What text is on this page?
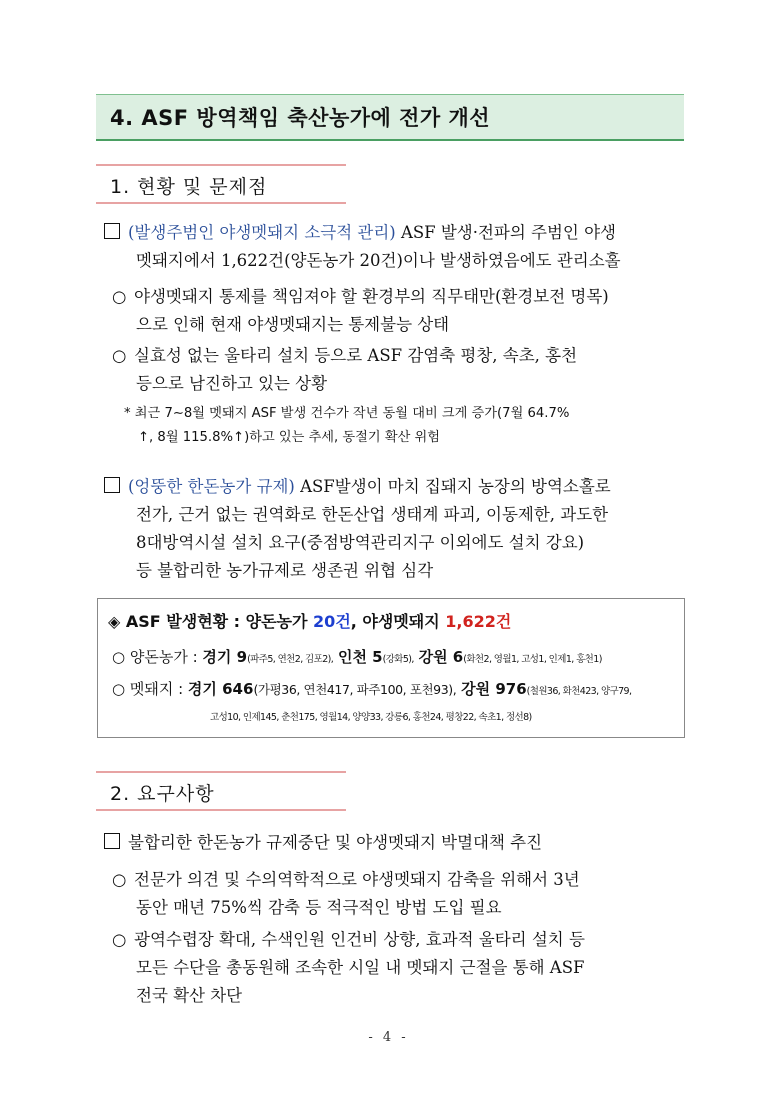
4. ASF 방역책임 축산농가에 전가 개선
1. 현황 및 문제점
(발생주범인 야생멧돼지 소극적 관리) ASF 발생·전파의 주범인 야생
멧돼지에서 1,622건(양돈농가 20건)이나 발생하였음에도 관리소홀
○ 야생멧돼지 통제를 책임져야 할 환경부의 직무태만(환경보전 명목)
으로 인해 현재 야생멧돼지는 통제불능 상태
○ 실효성 없는 울타리 설치 등으로 ASF 감염축 평창, 속초, 홍천
등으로 남진하고 있는 상황
* 최근 7∼8월 멧돼지 ASF 발생 건수가 작년 동월 대비 크게 증가(7월 64.7%
↑, 8월 115.8%↑)하고 있는 추세, 동절기 확산 위험
(엉뚱한 한돈농가 규제) ASF발생이 마치 집돼지 농장의 방역소홀로
전가, 근거 없는 권역화로 한돈산업 생태계 파괴, 이동제한, 과도한
8대방역시설 설치 요구(중점방역관리지구 이외에도 설치 강요)
등 불합리한 농가규제로 생존권 위협 심각
◈ ASF 발생현황 : 양돈농가 20건, 야생멧돼지 1,622건
○ 양돈농가 : 경기 9(파주5, 연천2, 김포2), 인천 5(강화5), 강원 6(화천2, 영월1, 고성1, 인제1, 홍천1)
○ 멧돼지 : 경기 646(가평36, 연천417, 파주100, 포천93), 강원 976(철원36, 화천423, 양구79,
고성10, 인제145, 춘천175, 영월14, 양양33, 강릉6, 홍천24, 평창22, 속초1, 정선8)
2. 요구사항
불합리한 한돈농가 규제중단 및 야생멧돼지 박멸대책 추진
○ 전문가 의견 및 수의역학적으로 야생멧돼지 감축을 위해서 3년
동안 매년 75%씩 감축 등 적극적인 방법 도입 필요
○ 광역수렵장 확대, 수색인원 인건비 상향, 효과적 울타리 설치 등
모든 수단을 총동원해 조속한 시일 내 멧돼지 근절을 통해 ASF
전국 확산 차단
- 4 -
